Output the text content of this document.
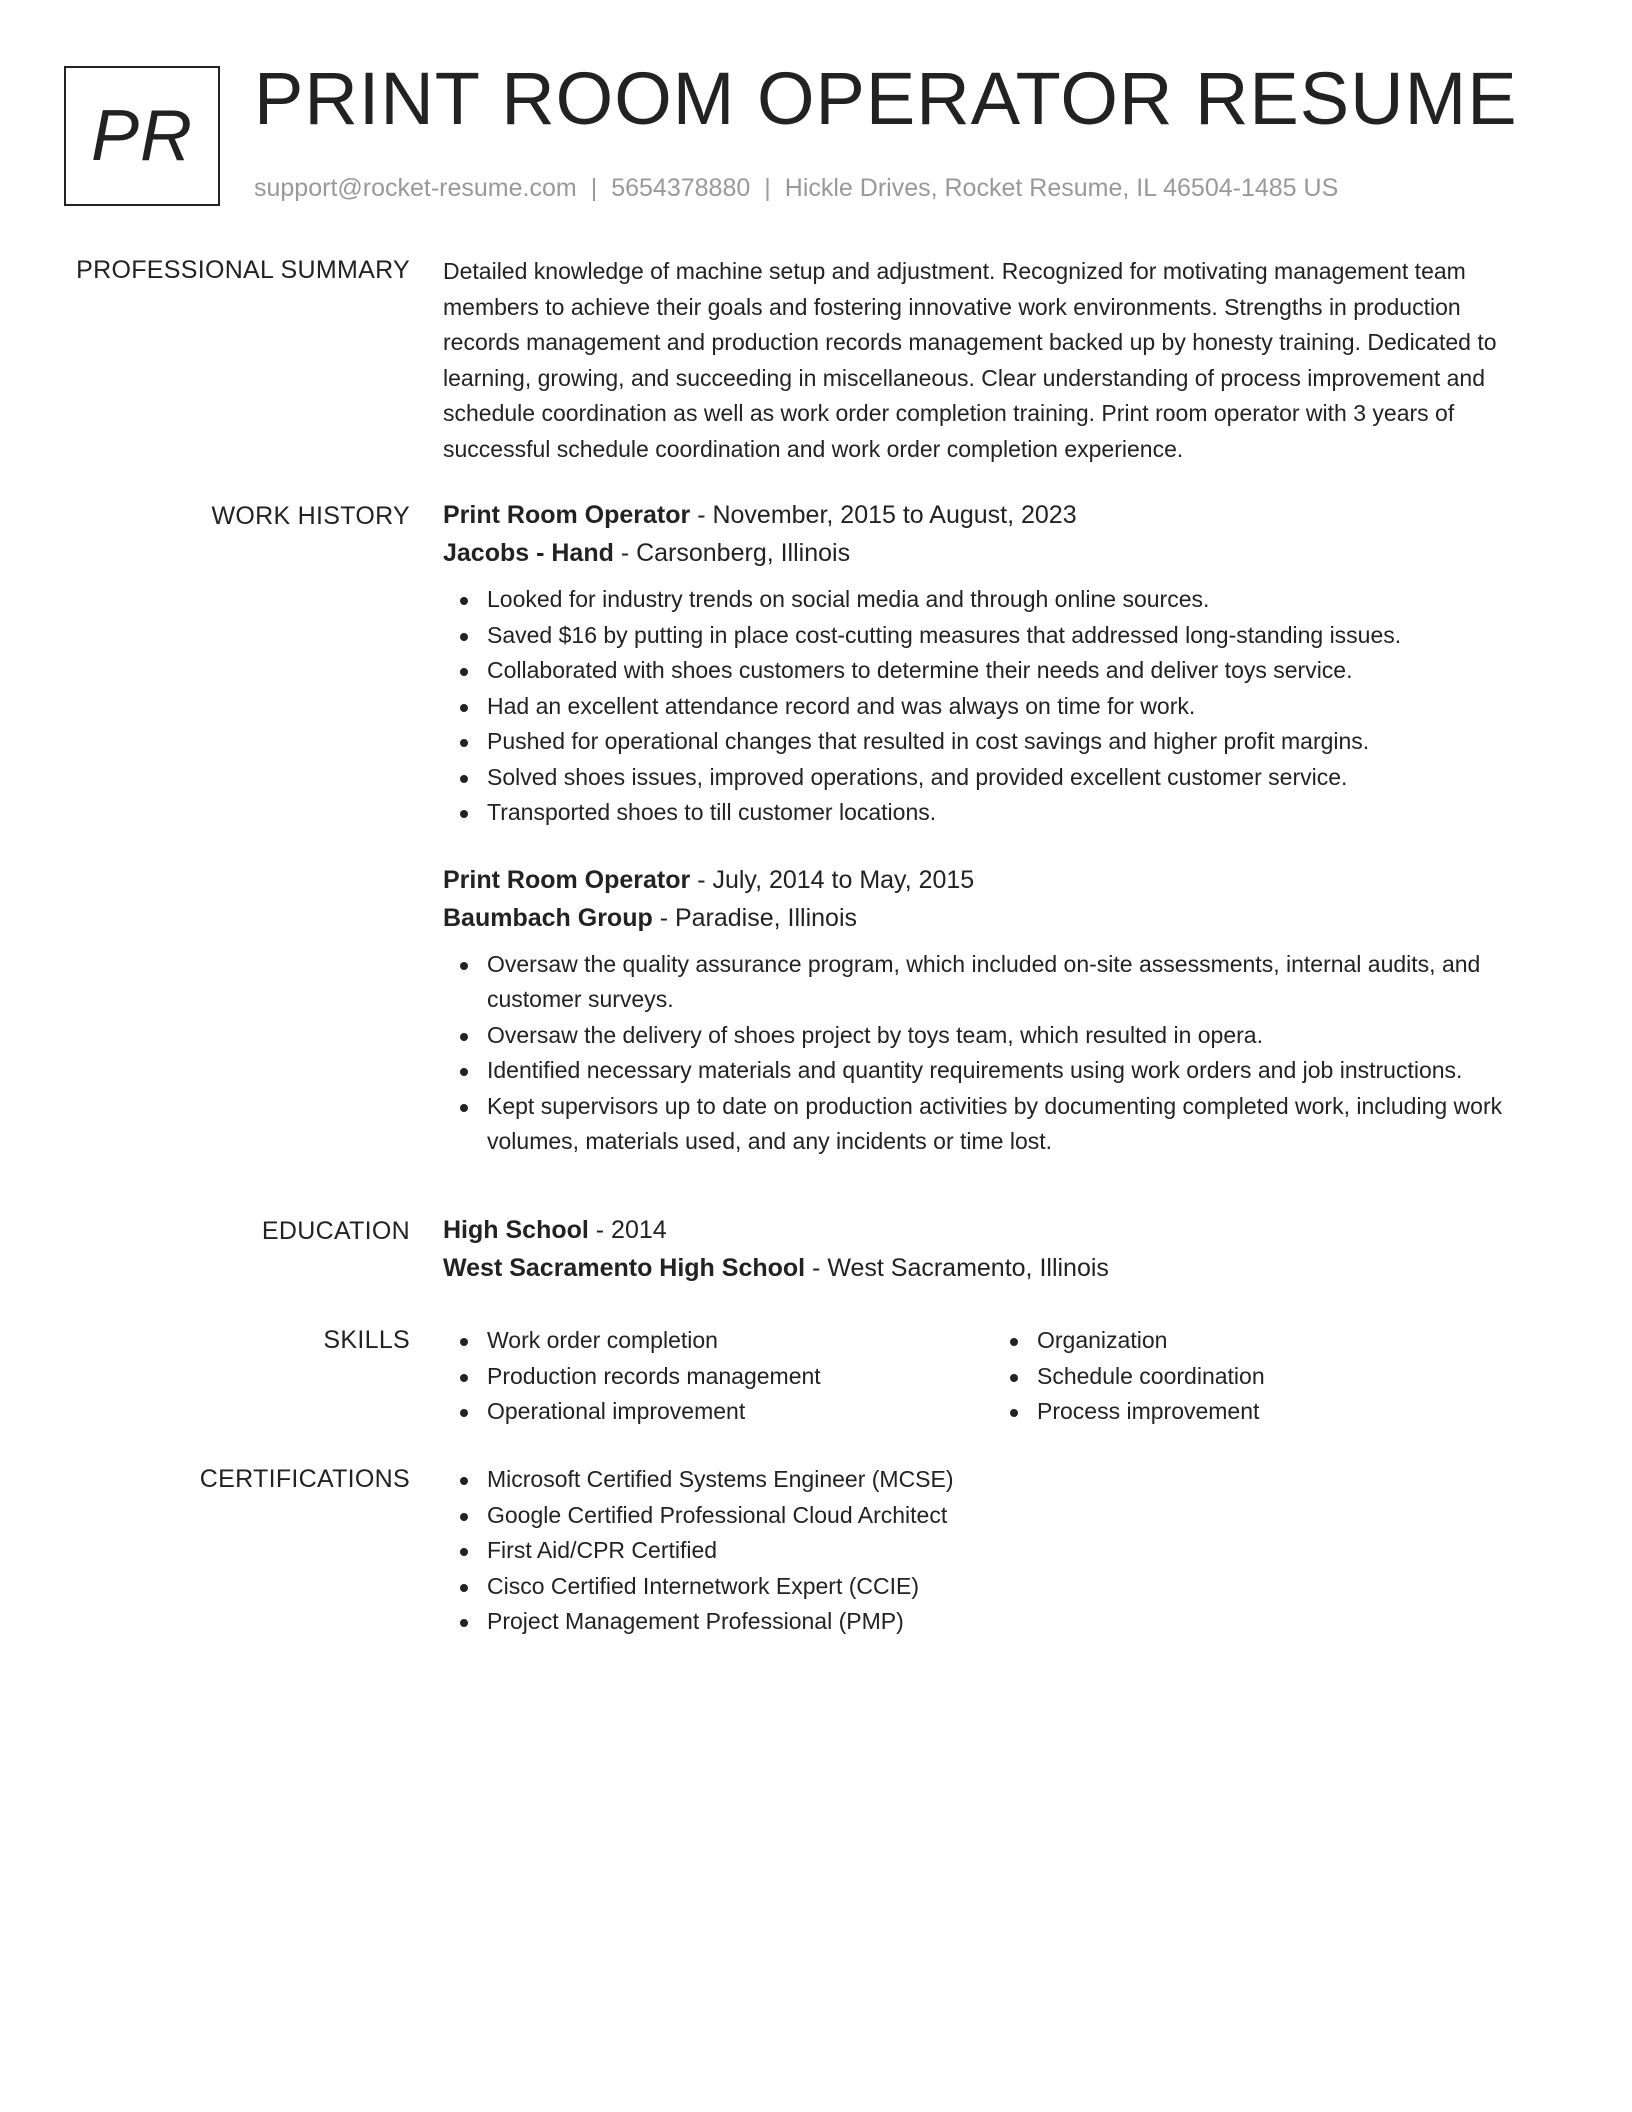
PR PRINT ROOM OPERATOR RESUME
support@rocket-resume.com | 5654378880 | Hickle Drives, Rocket Resume, IL 46504-1485 US
PROFESSIONAL SUMMARY Detailed knowledge of machine setup and adjustment. Recognized for motivating management team members to achieve their goals and fostering innovative work environments. Strengths in production records management and production records management backed up by honesty training. Dedicated to learning, growing, and succeeding in miscellaneous. Clear understanding of process improvement and schedule coordination as well as work order completion training. Print room operator with 3 years of successful schedule coordination and work order completion experience.

WORK HISTORY Print Room Operator - November, 2015 to August, 2023

Jacobs - Hand - Carsonberg, Illinois

Looked for industry trends on social media and through online sources.
Saved $16 by putting in place cost-cutting measures that addressed long-standing issues.
Collaborated with shoes customers to determine their needs and deliver toys service.
Had an excellent attendance record and was always on time for work.
Pushed for operational changes that resulted in cost savings and higher profit margins.
Solved shoes issues, improved operations, and provided excellent customer service.
Transported shoes to till customer locations.

Print Room Operator - July, 2014 to May, 2015

Baumbach Group - Paradise, Illinois

Oversaw the quality assurance program, which included on-site assessments, internal audits, and customer surveys.
Oversaw the delivery of shoes project by toys team, which resulted in opera.
Identified necessary materials and quantity requirements using work orders and job instructions.
Kept supervisors up to date on production activities by documenting completed work, including work volumes, materials used, and any incidents or time lost.
EDUCATION High School - 2014

West Sacramento High School - West Sacramento, Illinois

SKILLS	Work order completion
Production records management
Operational improvement
Organization
Schedule coordination
Process improvement
CERTIFICATIONS	Microsoft Certified Systems Engineer (MCSE)
Google Certified Professional Cloud Architect
First Aid/CPR Certified
Cisco Certified Internetwork Expert (CCIE)
Project Management Professional (PMP)
